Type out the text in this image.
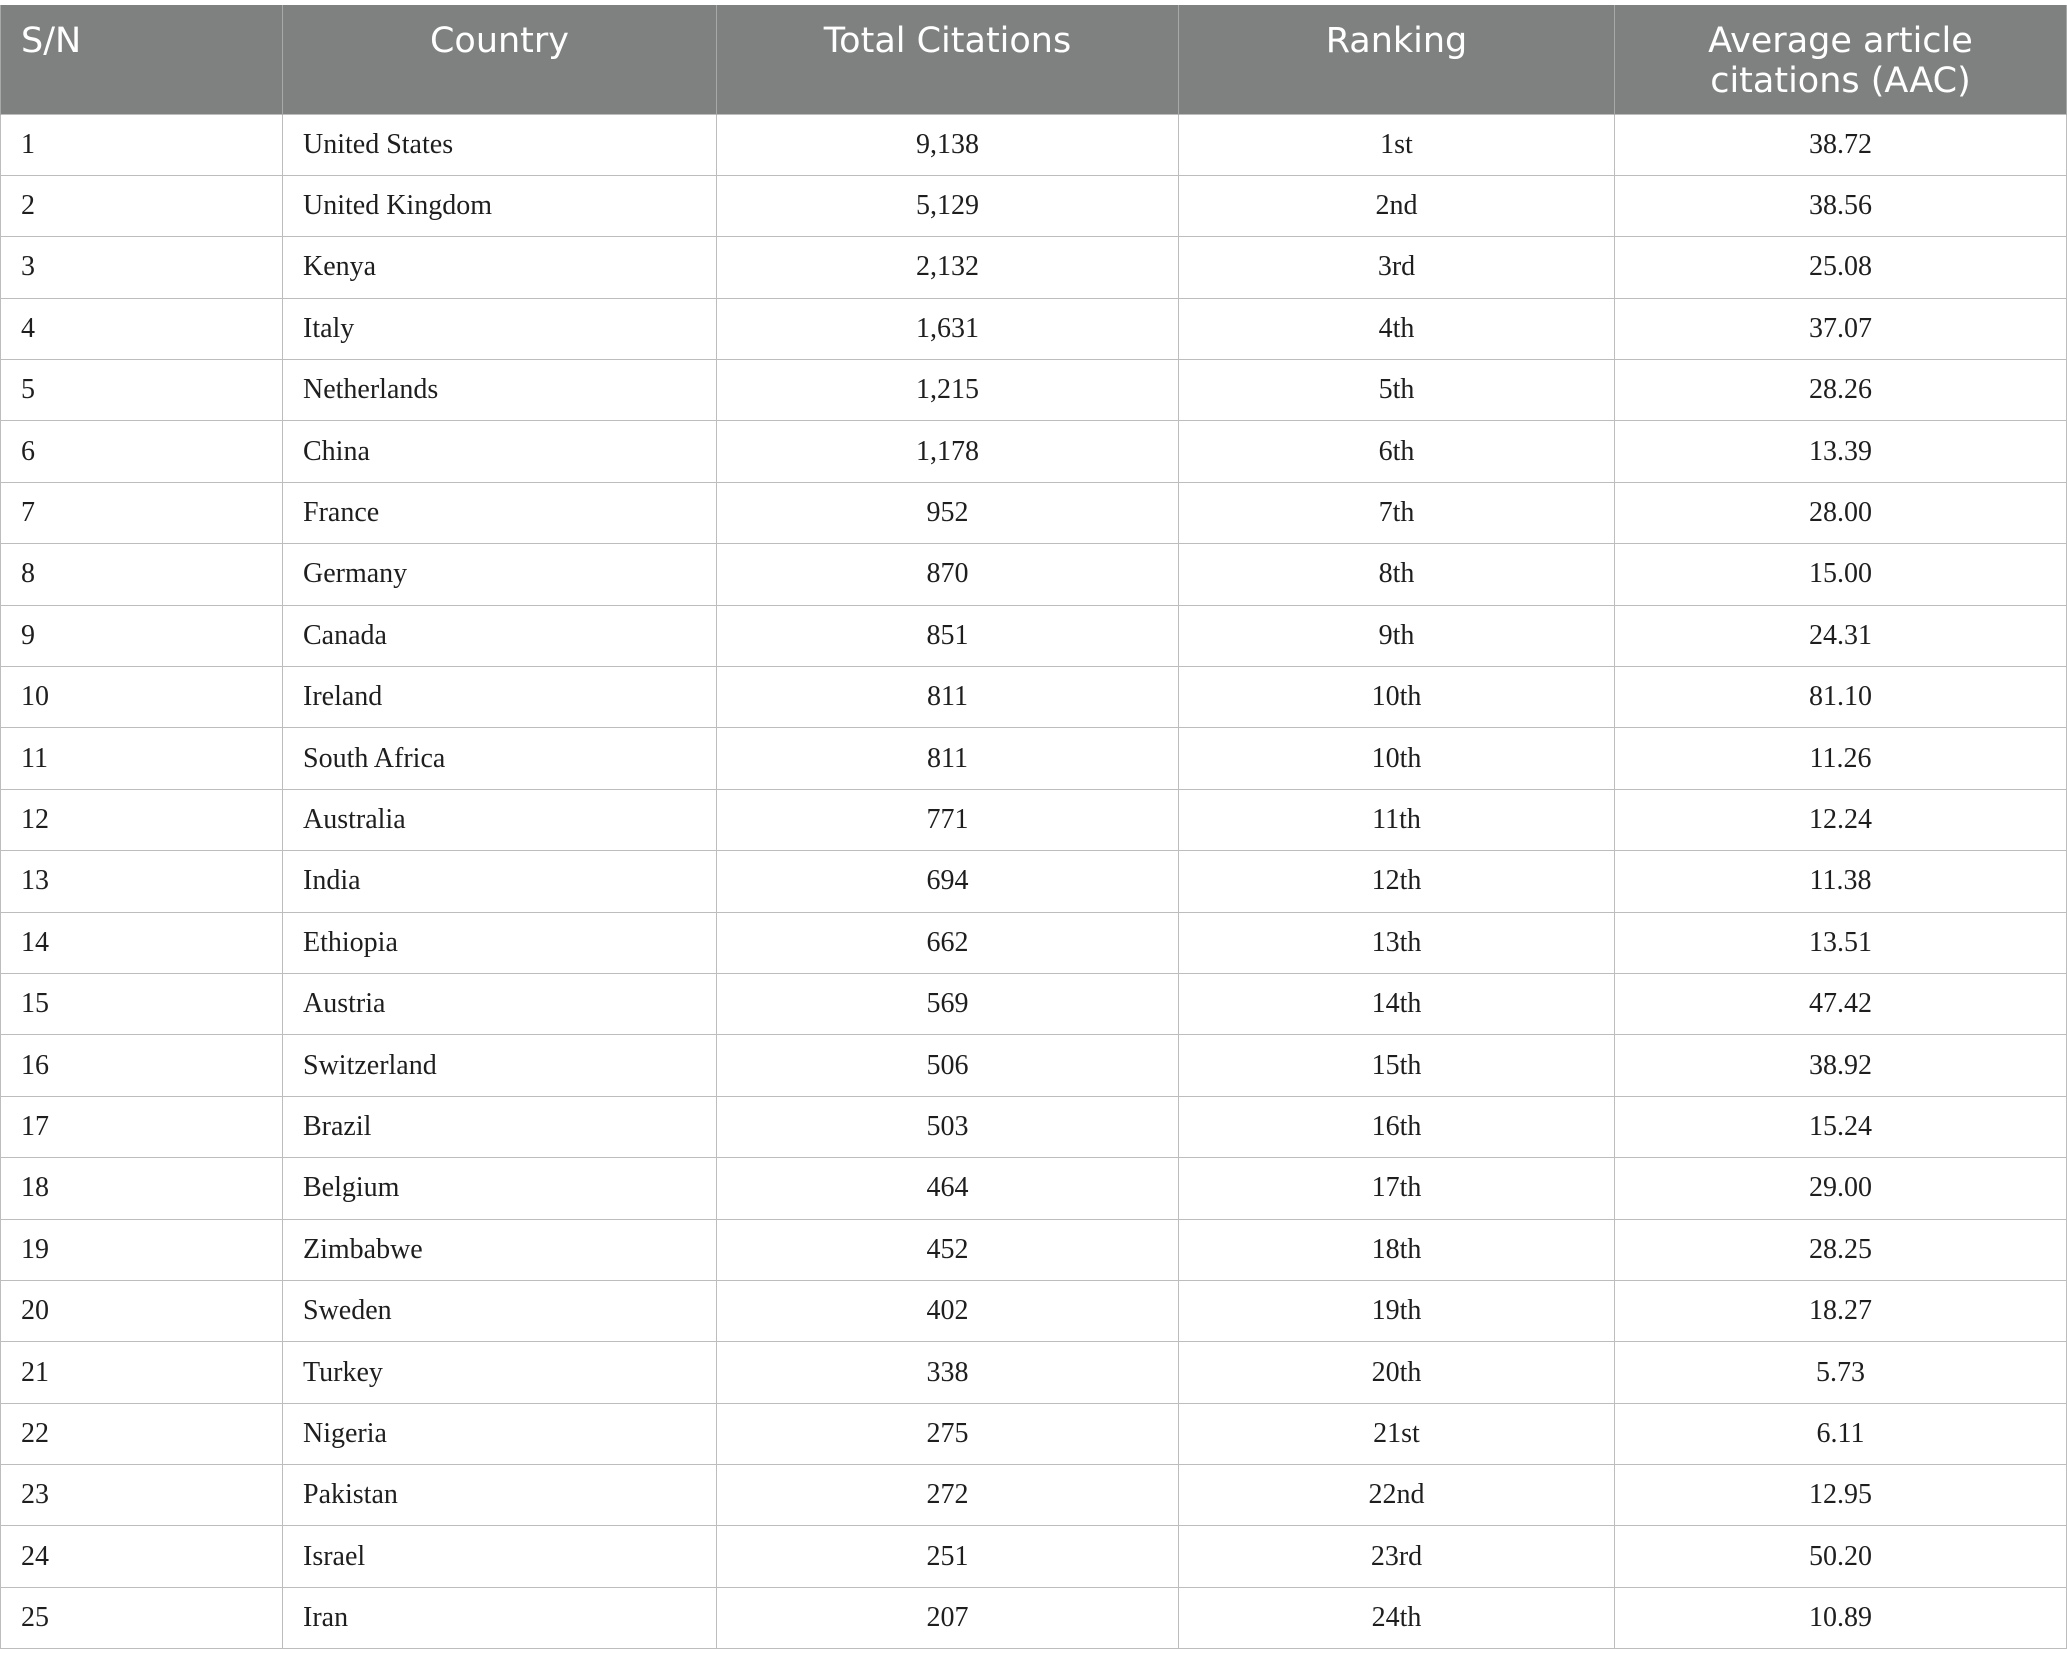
S/N	Country	Total Citations	Ranking	Average article citations (AAC)
1	United States	9,138	1st	38.72
2	United Kingdom	5,129	2nd	38.56
3	Kenya	2,132	3rd	25.08
4	Italy	1,631	4th	37.07
5	Netherlands	1,215	5th	28.26
6	China	1,178	6th	13.39
7	France	952	7th	28.00
8	Germany	870	8th	15.00
9	Canada	851	9th	24.31
10	Ireland	811	10th	81.10
11	South Africa	811	10th	11.26
12	Australia	771	11th	12.24
13	India	694	12th	11.38
14	Ethiopia	662	13th	13.51
15	Austria	569	14th	47.42
16	Switzerland	506	15th	38.92
17	Brazil	503	16th	15.24
18	Belgium	464	17th	29.00
19	Zimbabwe	452	18th	28.25
20	Sweden	402	19th	18.27
21	Turkey	338	20th	5.73
22	Nigeria	275	21st	6.11
23	Pakistan	272	22nd	12.95
24	Israel	251	23rd	50.20
25	Iran	207	24th	10.89
